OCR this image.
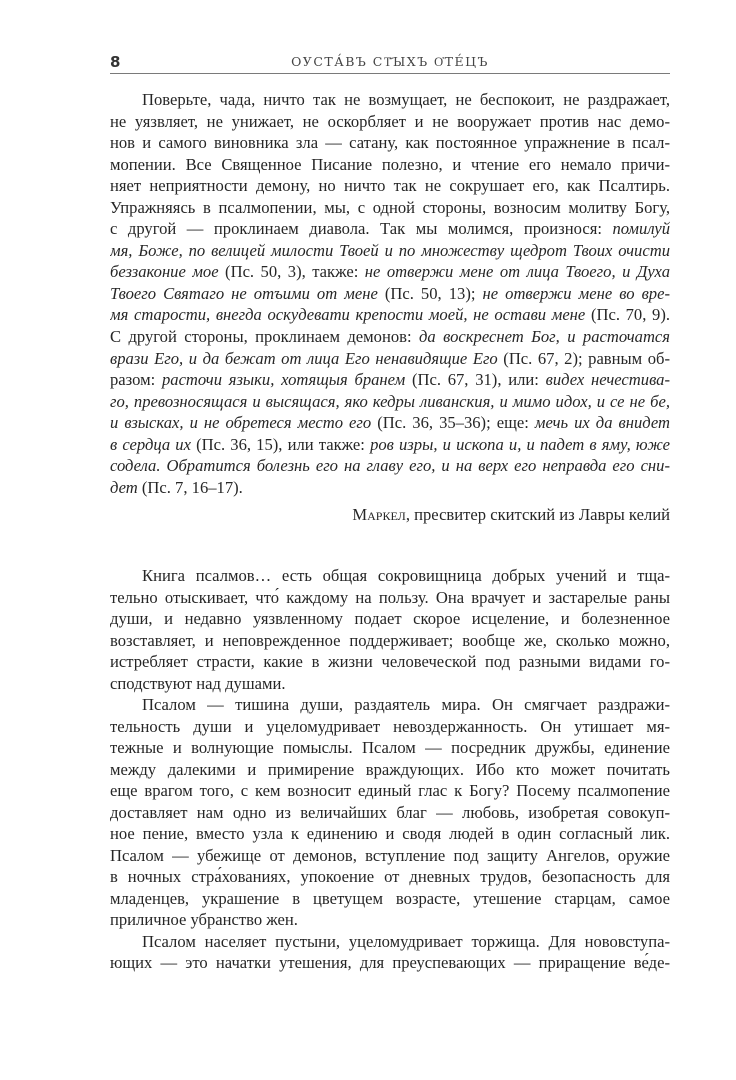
8	ОУСТА́ВЪ СТ҃ЫХЪ О҆ТЕ́ЦЪ
Поверьте, чада, ничто так не возмущает, не беспокоит, не раздражает,
не уязвляет, не унижает, не оскорбляет и не вооружает против нас демо-
нов и самого виновника зла — сатану, как постоянное упражнение в псал-
мопении. Все Священное Писание полезно, и чтение его немало причи-
няет неприятности демону, но ничто так не сокрушает его, как Псалтирь.
Упражняясь в псалмопении, мы, с одной стороны, возносим молитву Богу,
с другой — проклинаем диавола. Так мы молимся, произнося: помилуй
мя, Боже, по велицей милости Твоей и по множеству щедрот Твоих очисти
беззаконие мое (Пс. 50, 3), также: не отвержи мене от лица Твоего, и Духа
Твоего Святаго не отъими от мене (Пс. 50, 13); не отвержи мене во вре-
мя старости, внегда оскудевати крепости моей, не остави мене (Пс. 70, 9).
С другой стороны, проклинаем демонов: да воскреснет Бог, и расточатся
врази Его, и да бежат от лица Его ненавидящие Его (Пс. 67, 2); равным об-
разом: расточи языки, хотящыя бранем (Пс. 67, 31), или: видех нечестива-
го, превозносящася и высящася, яко кедры ливанския, и мимо идох, и се не бе,
и взысках, и не обретеся место его (Пс. 36, 35–36); еще: мечь их да внидет
в сердца их (Пс. 36, 15), или также: ров изры, и ископа и, и падет в яму, юже
содела. Обратится болезнь его на главу его, и на верх его неправда его сни-
дет (Пс. 7, 16–17).
Маркел, пресвитер скитский из Лавры келий
Книга псалмов… есть общая сокровищница добрых учений и тща-
тельно отыскивает, что́ каждому на пользу. Она врачует и застарелые раны
души, и недавно уязвленному подает скорое исцеление, и болезненное
возставляет, и неповрежденное поддерживает; вообще же, сколько можно,
истребляет страсти, какие в жизни человеческой под разными видами го-
сподствуют над душами.
Псалом — тишина души, раздаятель мира. Он смягчает раздражи-
тельность души и уцеломудривает невоздержанность. Он утишает мя-
тежные и волнующие помыслы. Псалом — посредник дружбы, единение
между далекими и примирение враждующих. Ибо кто может почитать
еще врагом того, с кем возносит единый глас к Богу? Посему псалмопение
доставляет нам одно из величайших благ — любовь, изобретая совокуп-
ное пение, вместо узла к единению и сводя людей в один согласный лик.
Псалом — убежище от демонов, вступление под защиту Ангелов, оружие
в ночных стра́хованиях, упокоение от дневных трудов, безопасность для
младенцев, украшение в цветущем возрасте, утешение старцам, самое
приличное убранство жен.
Псалом населяет пустыни, уцеломудривает торжища. Для нововступа-
ющих — это начатки утешения, для преуспевающих — приращение ве́де-
